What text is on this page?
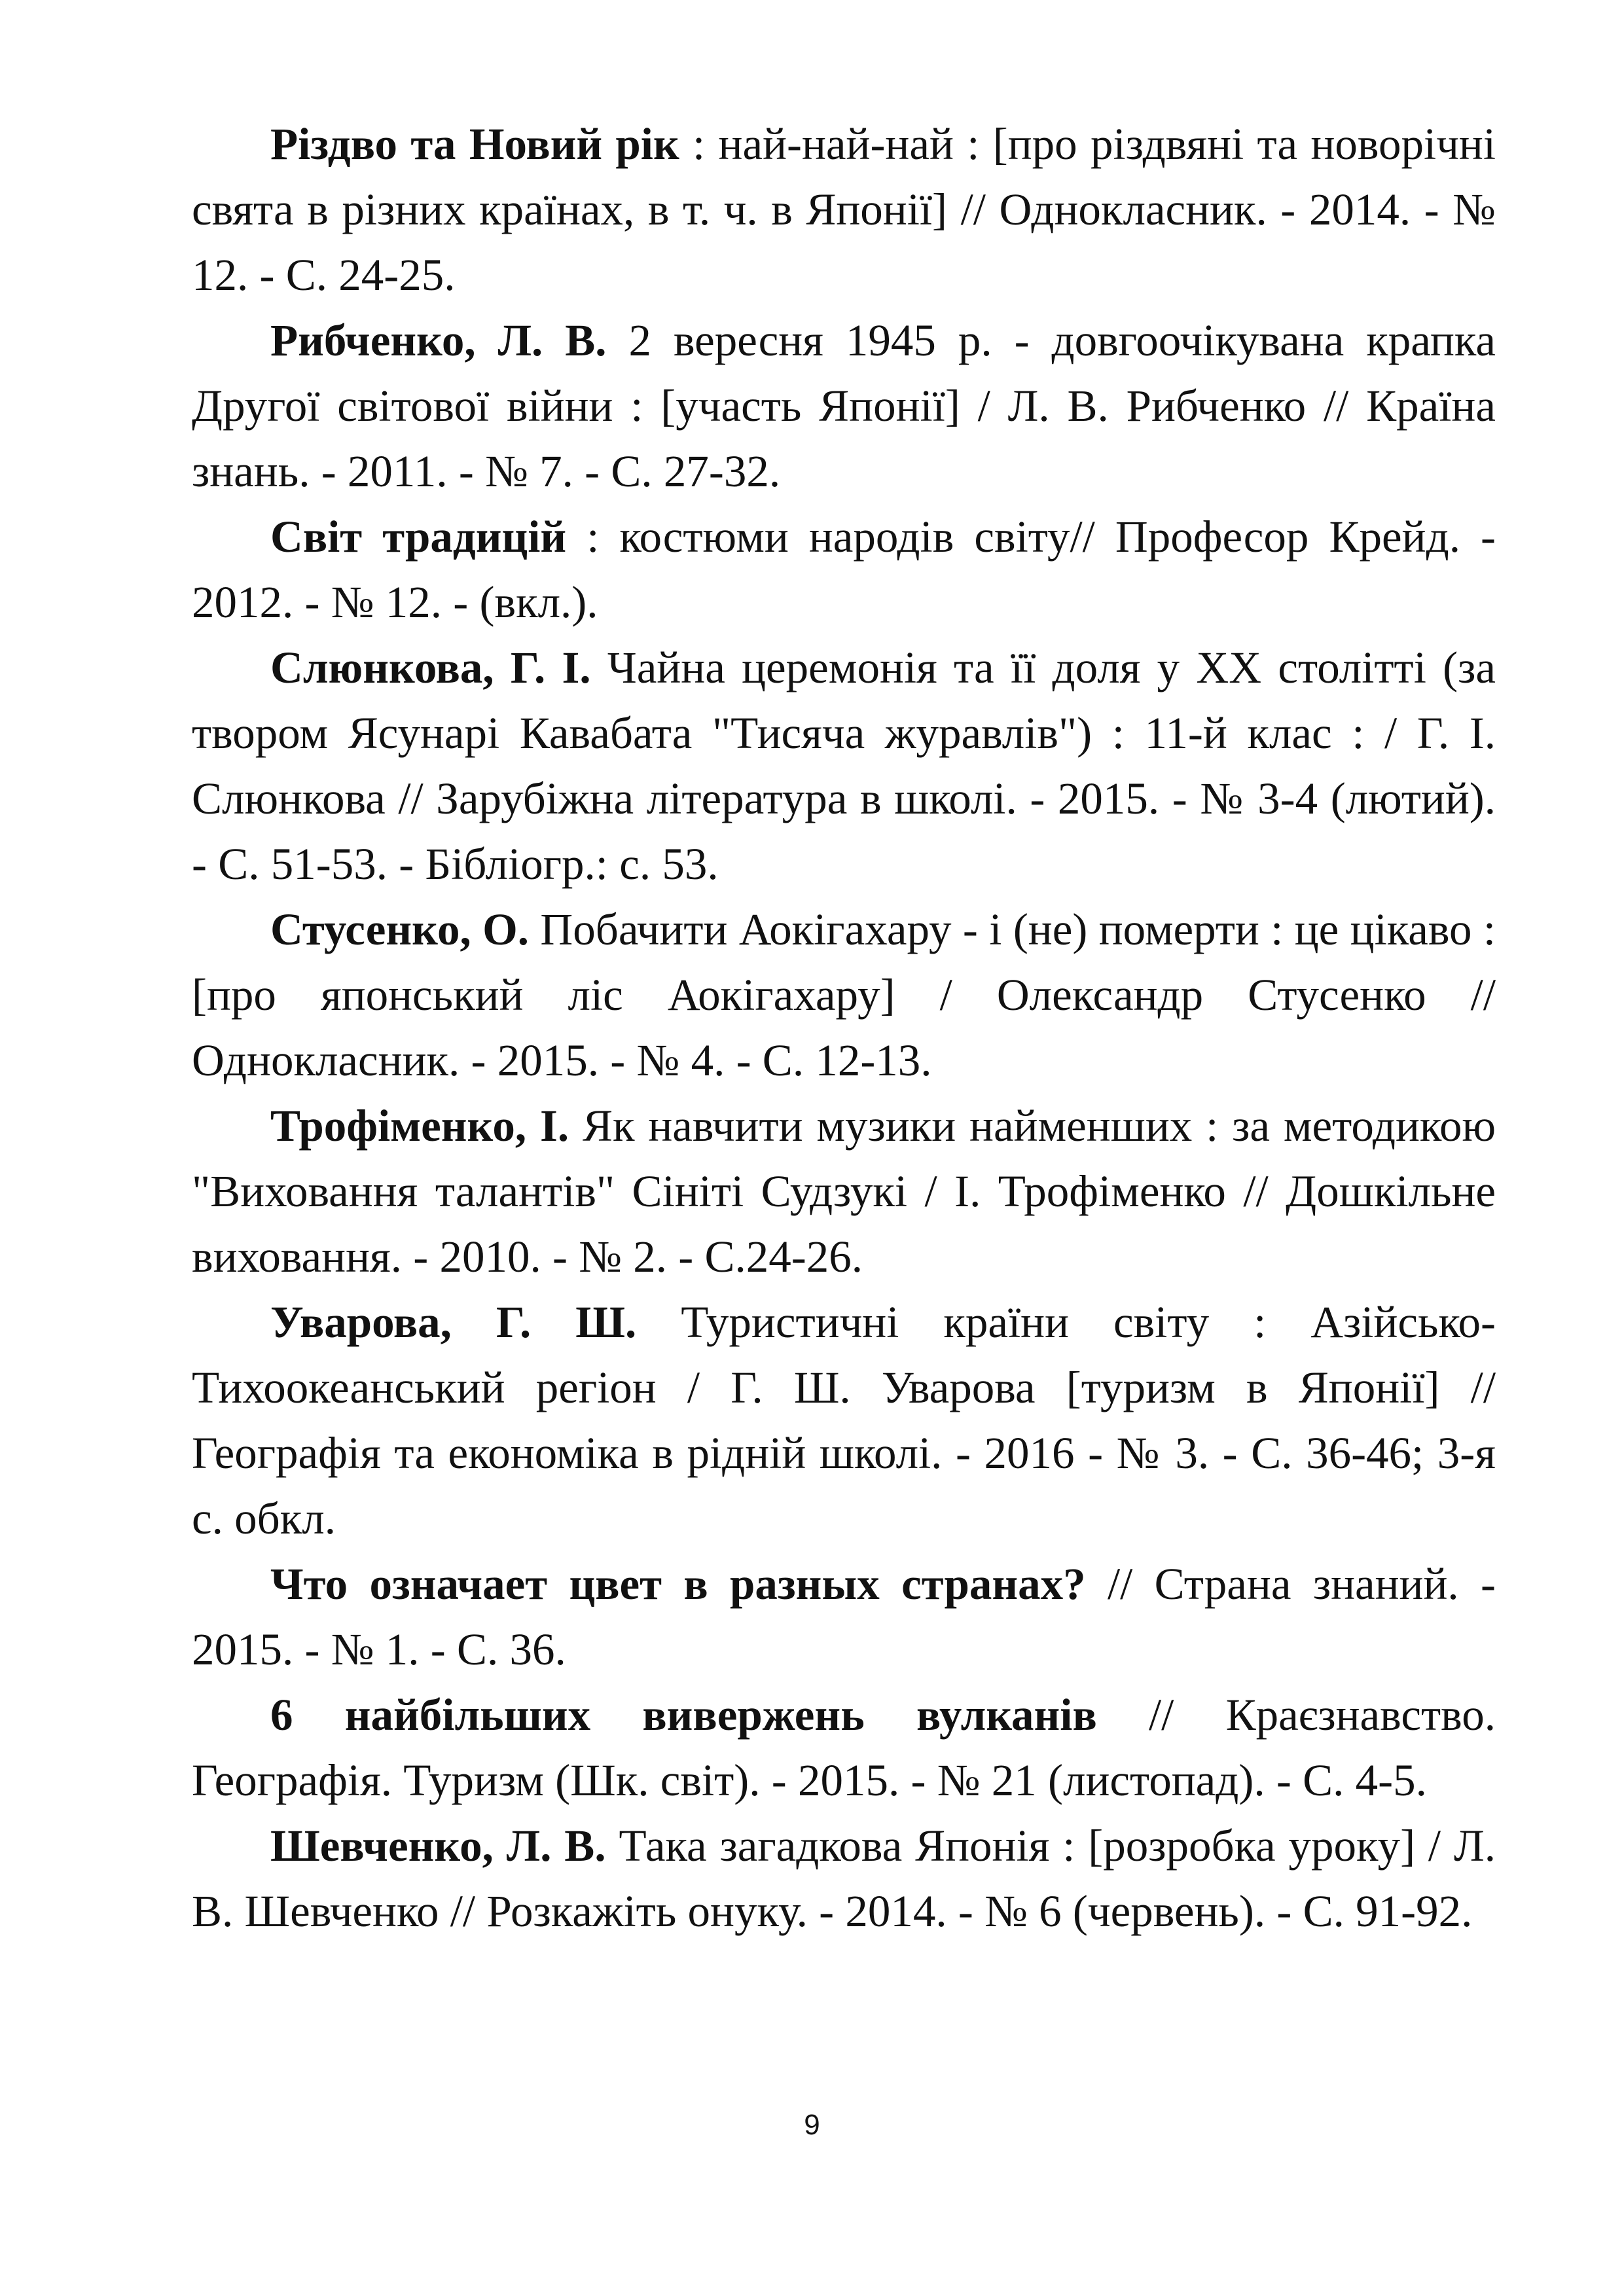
Різдво та Новий рік : най-най-най : [про різдвяні та новорічні свята в різних країнах, в т. ч. в Японії] // Однокласник. - 2014. - № 12. - С. 24-25.

Рибченко, Л. В. 2 вересня 1945 р. - довгоочікувана крапка Другої світової війни : [участь Японії] / Л. В. Рибченко // Країна знань. - 2011. - № 7. - С. 27-32.

Світ традицій : костюми народів світу// Професор Крейд. - 2012. - № 12. - (вкл.).

Слюнкова, Г. І. Чайна церемонія та її доля у XX столітті (за твором Ясунарі Кавабата "Тисяча журавлів") : 11-й клас : / Г. І. Слюнкова // Зарубіжна література в школі. - 2015. - № 3-4 (лютий). - С. 51-53. - Бібліогр.: с. 53.

Стусенко, О. Побачити Аокігахару - і (не) померти : це цікаво : [про японський ліс Аокігахару] / Олександр Стусенко // Однокласник. - 2015. - № 4. - С. 12-13.

Трофіменко, І. Як навчити музики найменших : за методикою "Виховання талантів" Сініті Судзукі / І. Трофіменко // Дошкільне виховання. - 2010. - № 2. - С.24-26.

Уварова, Г. Ш. Туристичні країни світу : Азійсько-Тихоокеанський регіон / Г. Ш. Уварова [туризм в Японії] // Географія та економіка в рідній школі. - 2016 - № 3. - С. 36-46; 3-я с. обкл.

Что означает цвет в разных странах? // Страна знаний. - 2015. - № 1. - С. 36.

6 найбільших вивержень вулканів // Краєзнавство. Географія. Туризм (Шк. світ). - 2015. - № 21 (листопад). - С. 4-5.

Шевченко, Л. В. Така загадкова Японія : [розробка уроку] / Л. В. Шевченко // Розкажіть онуку. - 2014. - № 6 (червень). - С. 91-92.

9
